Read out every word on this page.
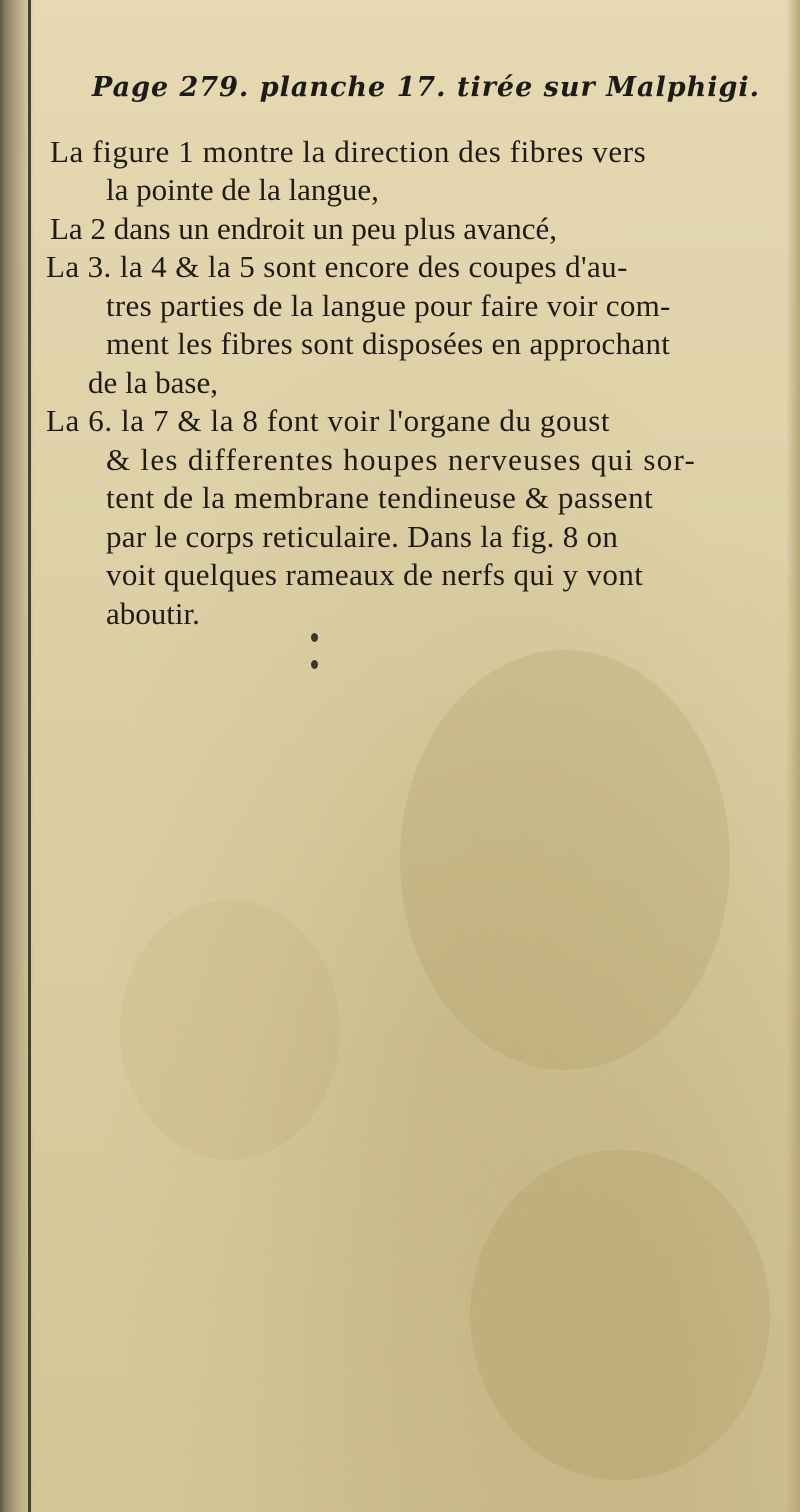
Page 279. planche 17. tirée sur Malphigi.
La figure 1 montre la direction des fibres vers
la pointe de la langue,
La 2 dans un endroit un peu plus avancé,
La 3. la 4 & la 5 sont encore des coupes d'au-
tres parties de la langue pour faire voir com-
ment les fibres sont disposées en approchant
de la base,
La 6. la 7 & la 8 font voir l'organe du goust
& les differentes houpes nerveuses qui sor-
tent de la membrane tendineuse & passent
par le corps reticulaire. Dans la fig. 8 on
voit quelques rameaux de nerfs qui y vont
aboutir.
